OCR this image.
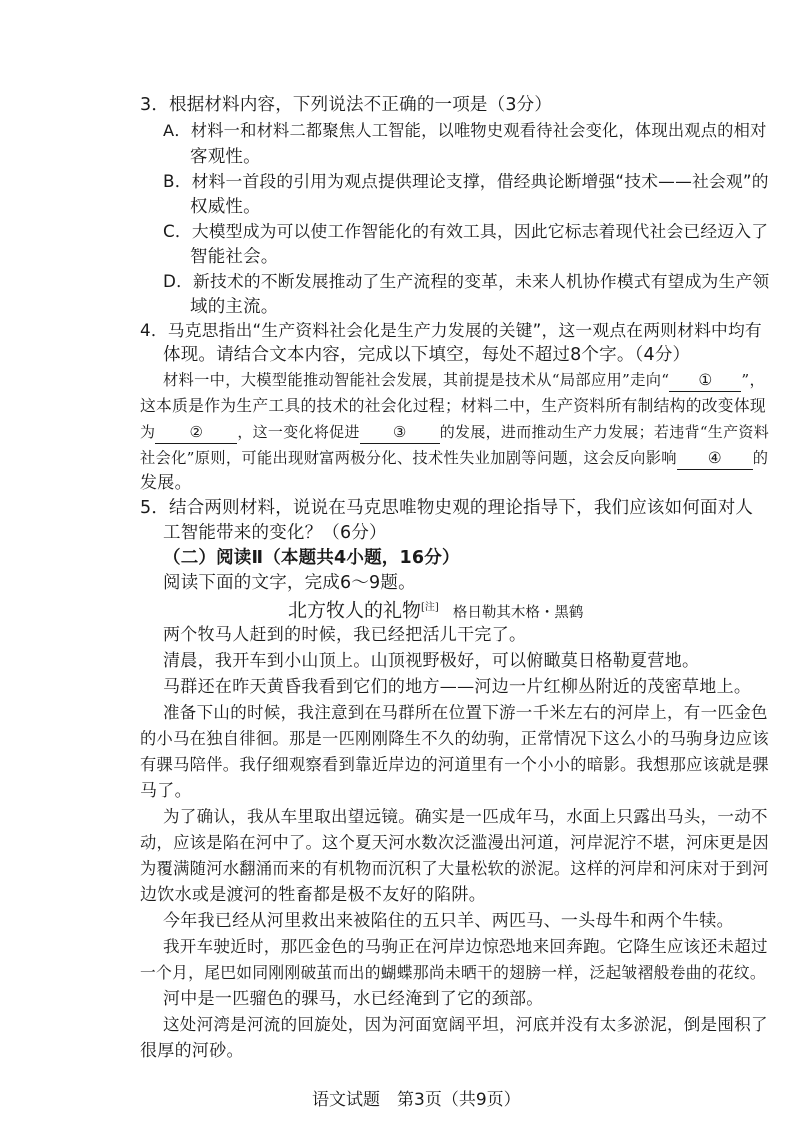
3．根据材料内容，下列说法不正确的一项是（3分）
A．材料一和材料二都聚焦人工智能，以唯物史观看待社会变化，体现出观点的相对
客观性。
B．材料一首段的引用为观点提供理论支撑，借经典论断增强“技术——社会观”的
权威性。
C．大模型成为可以使工作智能化的有效工具，因此它标志着现代社会已经迈入了
智能社会。
D．新技术的不断发展推动了生产流程的变革，未来人机协作模式有望成为生产领
域的主流。
4．马克思指出“生产资料社会化是生产力发展的关键”，这一观点在两则材料中均有
体现。请结合文本内容，完成以下填空，每处不超过8个字。（4分）
材料一中，大模型能推动智能社会发展，其前提是技术从“局部应用”走向“ ① ”，
这本质是作为生产工具的技术的社会化过程；材料二中，生产资料所有制结构的改变体现
为 ② ，这一变化将促进 ③ 的发展，进而推动生产力发展；若违背“生产资料
社会化”原则，可能出现财富两极分化、技术性失业加剧等问题，这会反向影响 ④ 的
发展。
5．结合两则材料，说说在马克思唯物史观的理论指导下，我们应该如何面对人
工智能带来的变化？（6分）
（二）阅读Ⅱ（本题共4小题，16分）
阅读下面的文字，完成6～9题。
北方牧人的礼物[注] 格日勒其木格・黑鹤
两个牧马人赶到的时候，我已经把活儿干完了。
清晨，我开车到小山顶上。山顶视野极好，可以俯瞰莫日格勒夏营地。
马群还在昨天黄昏我看到它们的地方——河边一片红柳丛附近的茂密草地上。
准备下山的时候，我注意到在马群所在位置下游一千米左右的河岸上，有一匹金色
的小马在独自徘徊。那是一匹刚刚降生不久的幼驹，正常情况下这么小的马驹身边应该
有骒马陪伴。我仔细观察看到靠近岸边的河道里有一个小小的暗影。我想那应该就是骒
马了。
为了确认，我从车里取出望远镜。确实是一匹成年马，水面上只露出马头，一动不
动，应该是陷在河中了。这个夏天河水数次泛滥漫出河道，河岸泥泞不堪，河床更是因
为覆满随河水翻涌而来的有机物而沉积了大量松软的淤泥。这样的河岸和河床对于到河
边饮水或是渡河的牲畜都是极不友好的陷阱。
今年我已经从河里救出来被陷住的五只羊、两匹马、一头母牛和两个牛犊。
我开车驶近时，那匹金色的马驹正在河岸边惊恐地来回奔跑。它降生应该还未超过
一个月，尾巴如同刚刚破茧而出的蝴蝶那尚未晒干的翅膀一样，泛起皱褶般卷曲的花纹。
河中是一匹骝色的骒马，水已经淹到了它的颈部。
这处河湾是河流的回旋处，因为河面宽阔平坦，河底并没有太多淤泥，倒是囤积了
很厚的河砂。
语文试题　第3页（共9页）
